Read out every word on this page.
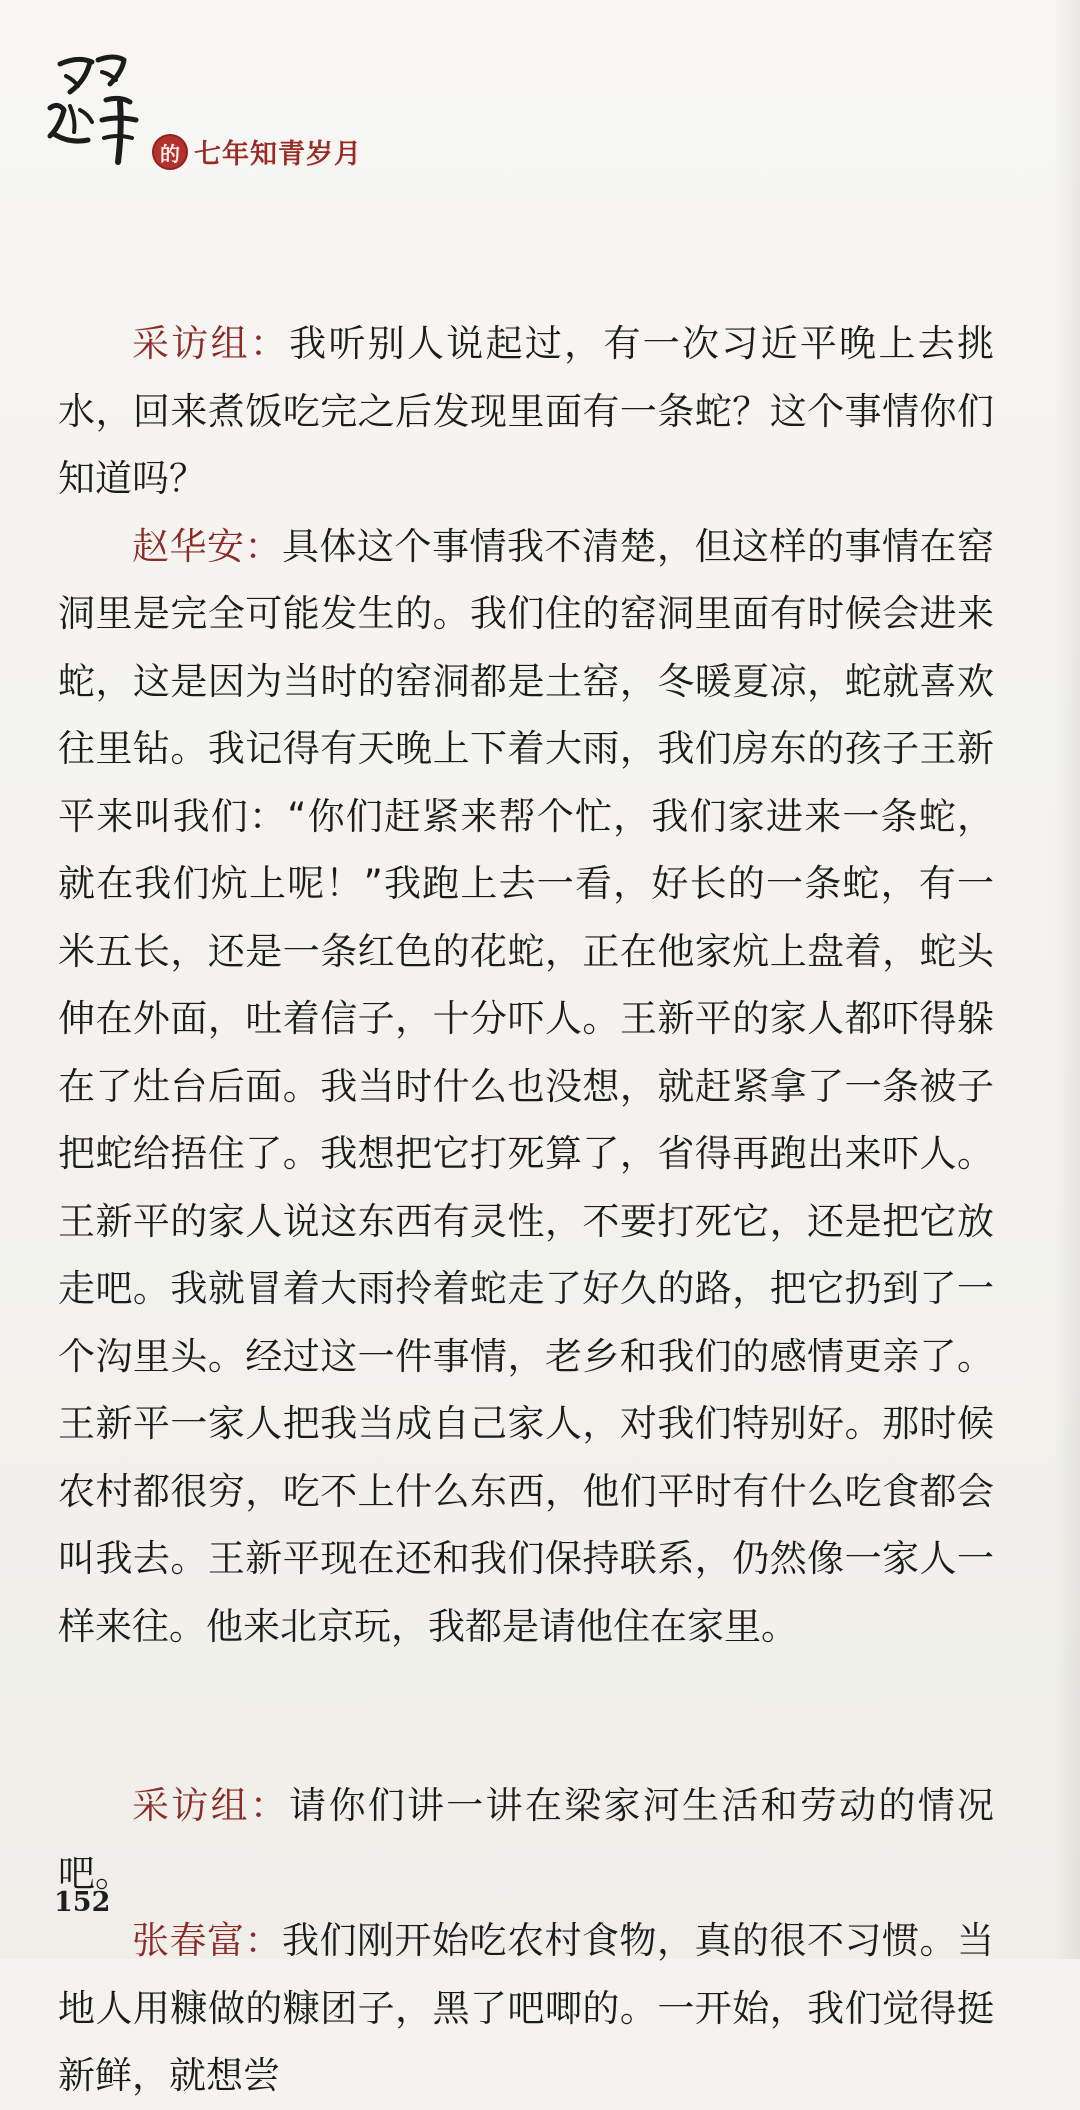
的 七年知青岁月

采访组：我听别人说起过，有一次习近平晚上去挑水，回来煮饭吃完之后发现里面有一条蛇？这个事情你们知道吗？

赵华安：具体这个事情我不清楚，但这样的事情在窑洞里是完全可能发生的。我们住的窑洞里面有时候会进来蛇，这是因为当时的窑洞都是土窑，冬暖夏凉，蛇就喜欢往里钻。我记得有天晚上下着大雨，我们房东的孩子王新平来叫我们：“你们赶紧来帮个忙，我们家进来一条蛇，就在我们炕上呢！”我跑上去一看，好长的一条蛇，有一米五长，还是一条红色的花蛇，正在他家炕上盘着，蛇头伸在外面，吐着信子，十分吓人。王新平的家人都吓得躲在了灶台后面。我当时什么也没想，就赶紧拿了一条被子把蛇给捂住了。我想把它打死算了，省得再跑出来吓人。王新平的家人说这东西有灵性，不要打死它，还是把它放走吧。我就冒着大雨拎着蛇走了好久的路，把它扔到了一个沟里头。经过这一件事情，老乡和我们的感情更亲了。王新平一家人把我当成自己家人，对我们特别好。那时候农村都很穷，吃不上什么东西，他们平时有什么吃食都会叫我去。王新平现在还和我们保持联系，仍然像一家人一样来往。他来北京玩，我都是请他住在家里。

采访组：请你们讲一讲在梁家河生活和劳动的情况吧。

张春富：我们刚开始吃农村食物，真的很不习惯。当地人用糠做的糠团子，黑了吧唧的。一开始，我们觉得挺新鲜，就想尝

152
